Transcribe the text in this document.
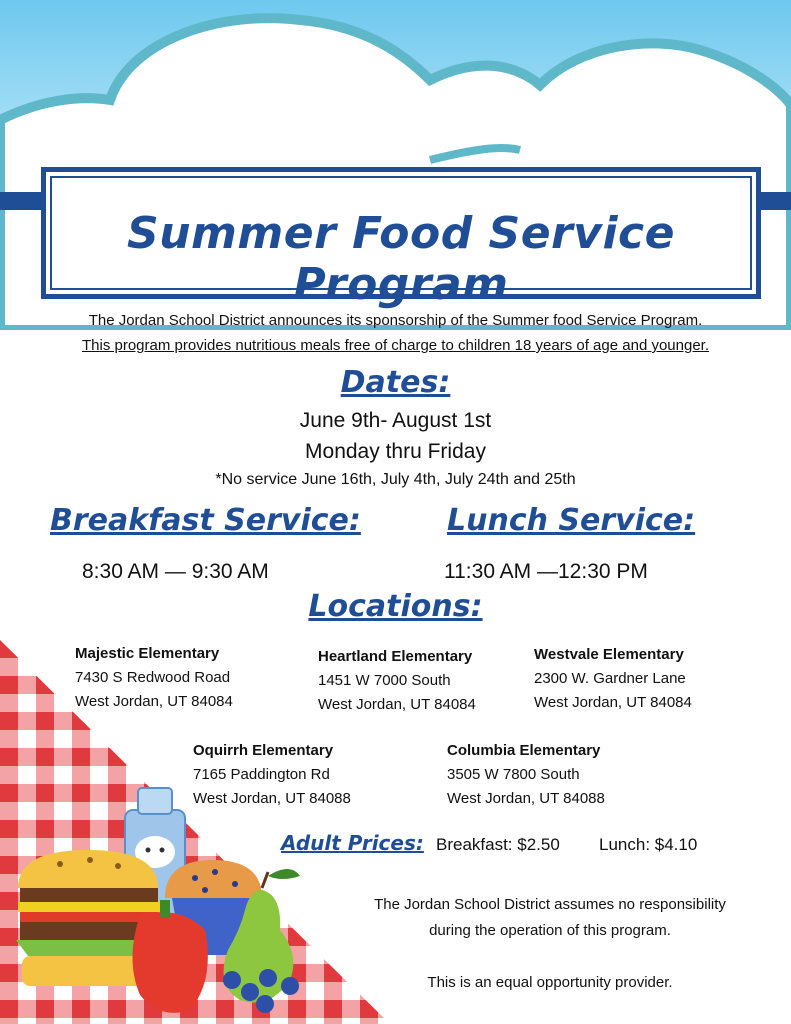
Summer Food Service Program
The Jordan School District announces its sponsorship of the Summer food Service Program.
This program provides nutritious meals free of charge to children 18 years of age and younger.
Dates:
June 9th- August 1st
Monday thru Friday
*No service June 16th, July 4th, July 24th and 25th
Breakfast Service:
8:30 AM — 9:30 AM
Lunch Service:
11:30 AM —12:30 PM
Locations:
Majestic Elementary
7430 S Redwood Road
West Jordan, UT 84084
Heartland Elementary
1451 W 7000 South
West Jordan, UT 84084
Westvale Elementary
2300 W. Gardner Lane
West Jordan, UT 84084
Oquirrh Elementary
7165 Paddington Rd
West Jordan, UT 84088
Columbia Elementary
3505 W 7800 South
West Jordan, UT 84088
Adult Prices: Breakfast: $2.50 Lunch: $4.10
The Jordan School District assumes no responsibility
during the operation of this program.
This is an equal opportunity provider.
